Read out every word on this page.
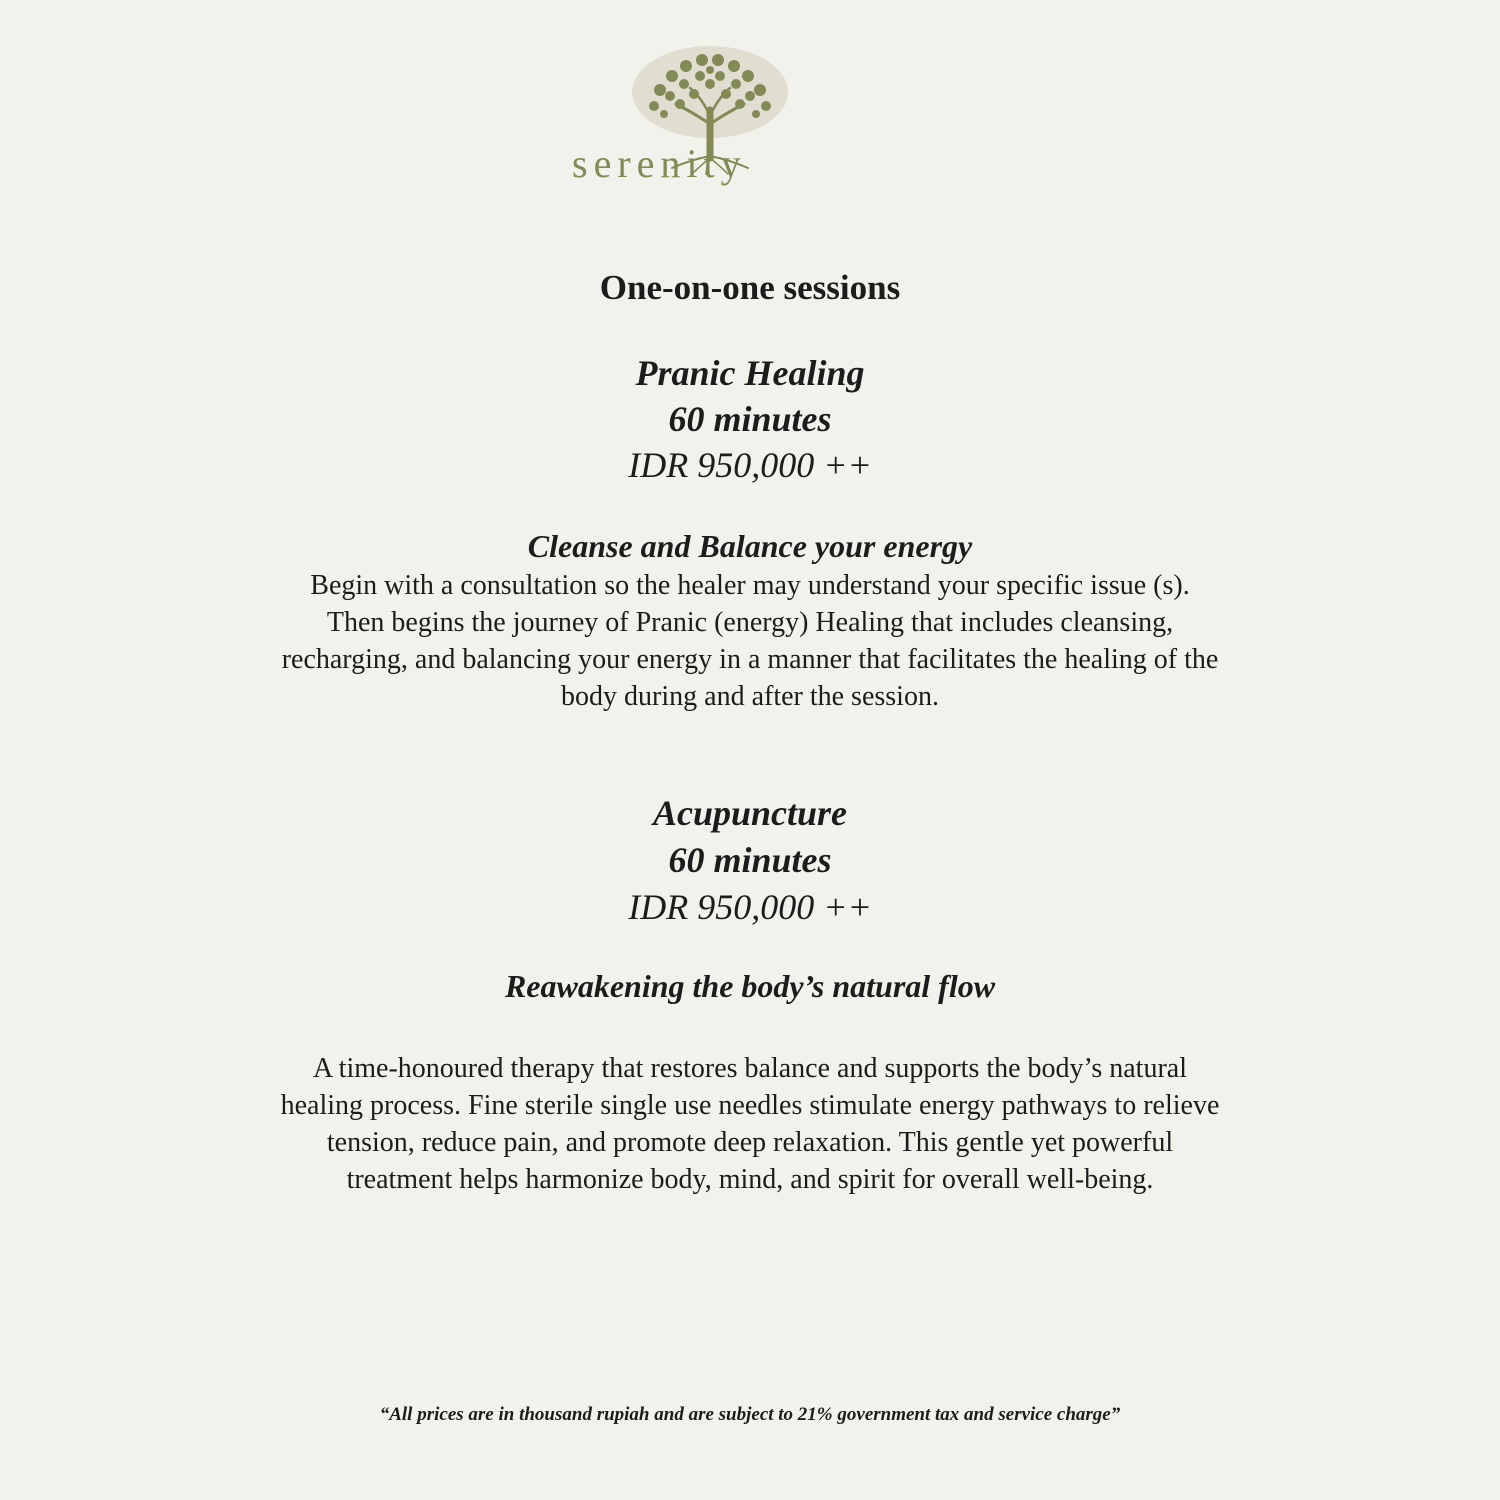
serenity
One-on-one sessions
Pranic Healing
60 minutes
IDR 950,000 ++
Cleanse and Balance your energy
Begin with a consultation so the healer may understand your specific issue (s).
Then begins the journey of Pranic (energy) Healing that includes cleansing,
recharging, and balancing your energy in a manner that facilitates the healing of the
body during and after the session.
Acupuncture
60 minutes
IDR 950,000 ++
Reawakening the body’s natural flow
A time-honoured therapy that restores balance and supports the body’s natural
healing process. Fine sterile single use needles stimulate energy pathways to relieve
tension, reduce pain, and promote deep relaxation. This gentle yet powerful
treatment helps harmonize body, mind, and spirit for overall well-being.
“All prices are in thousand rupiah and are subject to 21% government tax and service charge”
